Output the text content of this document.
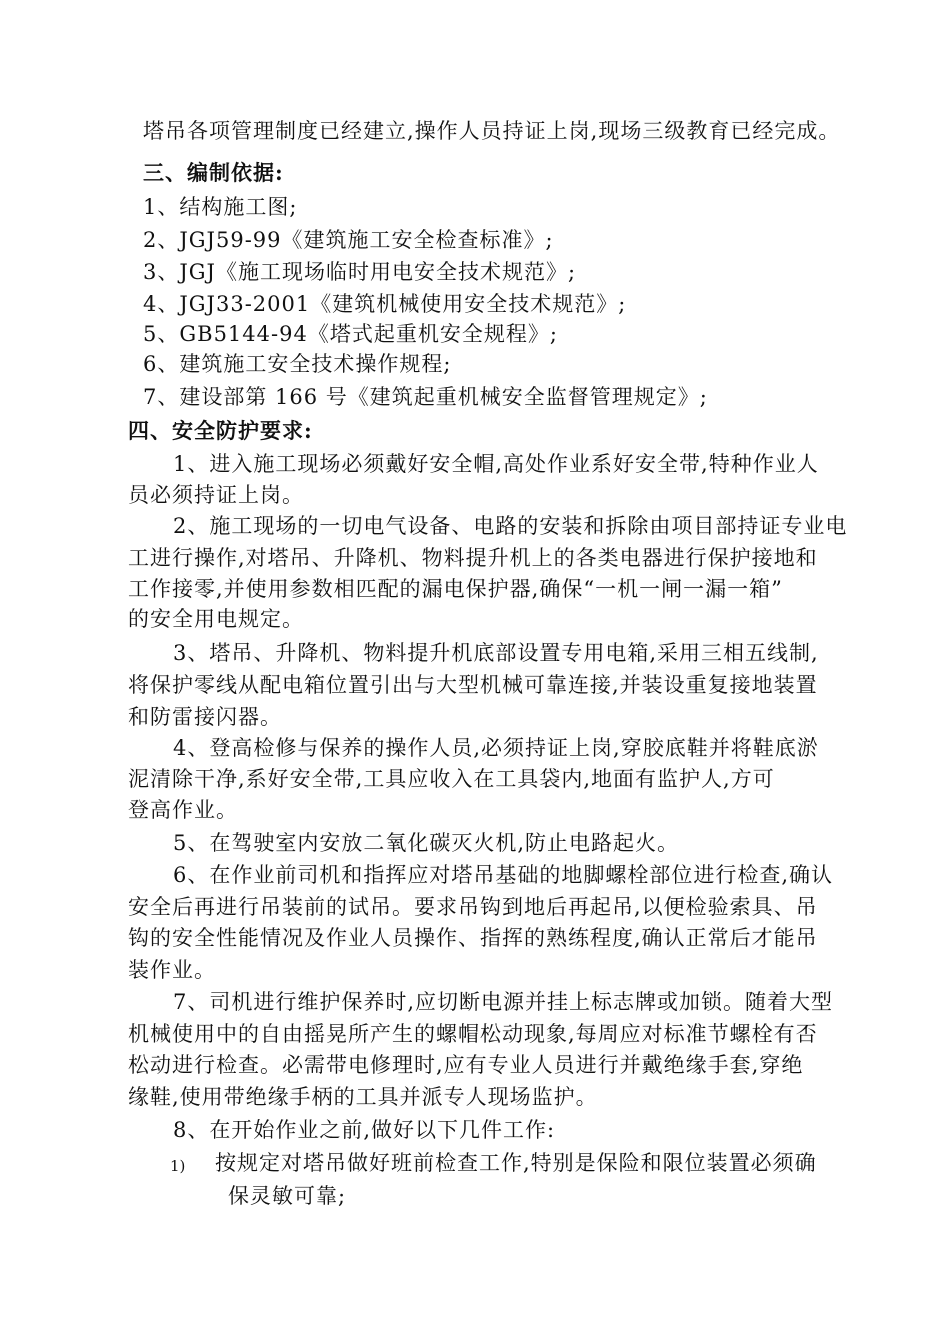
塔吊各项管理制度已经建立,操作人员持证上岗,现场三级教育已经完成。
三、编制依据:
1、结构施工图;
2、JGJ59-99《建筑施工安全检查标准》;
3、JGJ《施工现场临时用电安全技术规范》;
4、JGJ33-2001《建筑机械使用安全技术规范》;
5、GB5144-94《塔式起重机安全规程》;
6、建筑施工安全技术操作规程;
7、建设部第 166 号《建筑起重机械安全监督管理规定》;
四、安全防护要求:
1、进入施工现场必须戴好安全帽,高处作业系好安全带,特种作业人
员必须持证上岗。
2、施工现场的一切电气设备、电路的安装和拆除由项目部持证专业电
工进行操作,对塔吊、升降机、物料提升机上的各类电器进行保护接地和
工作接零,并使用参数相匹配的漏电保护器,确保“一机一闸一漏一箱”
的安全用电规定。
3、塔吊、升降机、物料提升机底部设置专用电箱,采用三相五线制,
将保护零线从配电箱位置引出与大型机械可靠连接,并装设重复接地装置
和防雷接闪器。
4、登高检修与保养的操作人员,必须持证上岗,穿胶底鞋并将鞋底淤
泥清除干净,系好安全带,工具应收入在工具袋内,地面有监护人,方可
登高作业。
5、在驾驶室内安放二氧化碳灭火机,防止电路起火。
6、在作业前司机和指挥应对塔吊基础的地脚螺栓部位进行检查,确认
安全后再进行吊装前的试吊。要求吊钩到地后再起吊,以便检验索具、吊
钩的安全性能情况及作业人员操作、指挥的熟练程度,确认正常后才能吊
装作业。
7、司机进行维护保养时,应切断电源并挂上标志牌或加锁。随着大型
机械使用中的自由摇晃所产生的螺帽松动现象,每周应对标准节螺栓有否
松动进行检查。必需带电修理时,应有专业人员进行并戴绝缘手套,穿绝
缘鞋,使用带绝缘手柄的工具并派专人现场监护。
8、在开始作业之前,做好以下几件工作:
1) 按规定对塔吊做好班前检查工作,特别是保险和限位装置必须确
保灵敏可靠;
